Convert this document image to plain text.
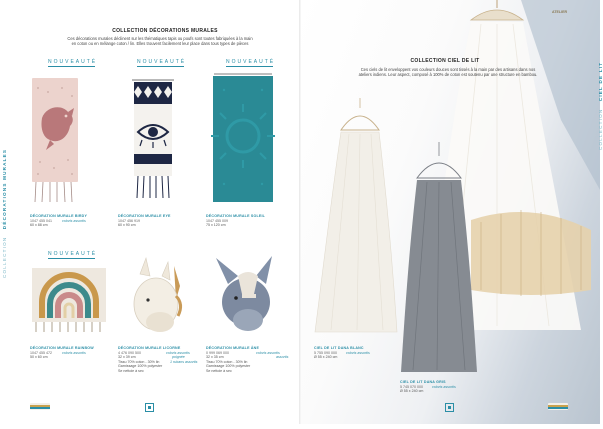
COLLECTION   DÉCORATIONS MURALES
COLLECTION DÉCORATIONS MURALES
Ces décorations murales déclinent sur les thématiques tapis ou poufs sont toutes fabriquées à la main
en coton ou en mélange coton / lin. Elles trouvent facilement leur place dans tous types de pièces
NOUVEAUTÉ	NOUVEAUTÉ	NOUVEAUTÉ
NOUVEAUTÉ
DÉCORATION MURALE BIRDY
1047 455 041	coloris assortis
60 x 88 cm
DÉCORATION MURALE EYE
1047 456 919
60 x 90 cm
DÉCORATION MURALE SOLEIL
1047 455 009
75 x 120 cm
DÉCORATION MURALE RAINBOW
1047 455 472	coloris assortis
50 x 60 cm
DÉCORATION MURALE LICORNE
4 476 090 500	coloris assortis
32 x 39 cm
Tissu 70% coton - 30% lin
Garnissage 100% polyester
Se nettoie à sec
poignée
1 rubans assortis
DÉCORATION MURALE ÂNE
0 999 069 000	coloris assortis
32 x 35 cm
Tissu 70% coton - 30% lin
Garnissage 100% polyester
Se nettoie à sec
assortis
ATELIER
COLLECTION   CIEL DE LIT
COLLECTION CIEL DE LIT
Ces ciels de lit enveloppent vos couleurs douces sont tissés à la main par des artisans dans nos
ateliers indiens. Leur aspect, composé à 100% de coton est soutenu par une structure en bambou.
CIEL DE LIT DANA BLANC
5 755 090 000	coloris assortis
Ø 55 x 240 cm
CIEL DE LIT DANA GRIS
5 745 070 000	coloris assortis
Ø 55 x 240 cm
